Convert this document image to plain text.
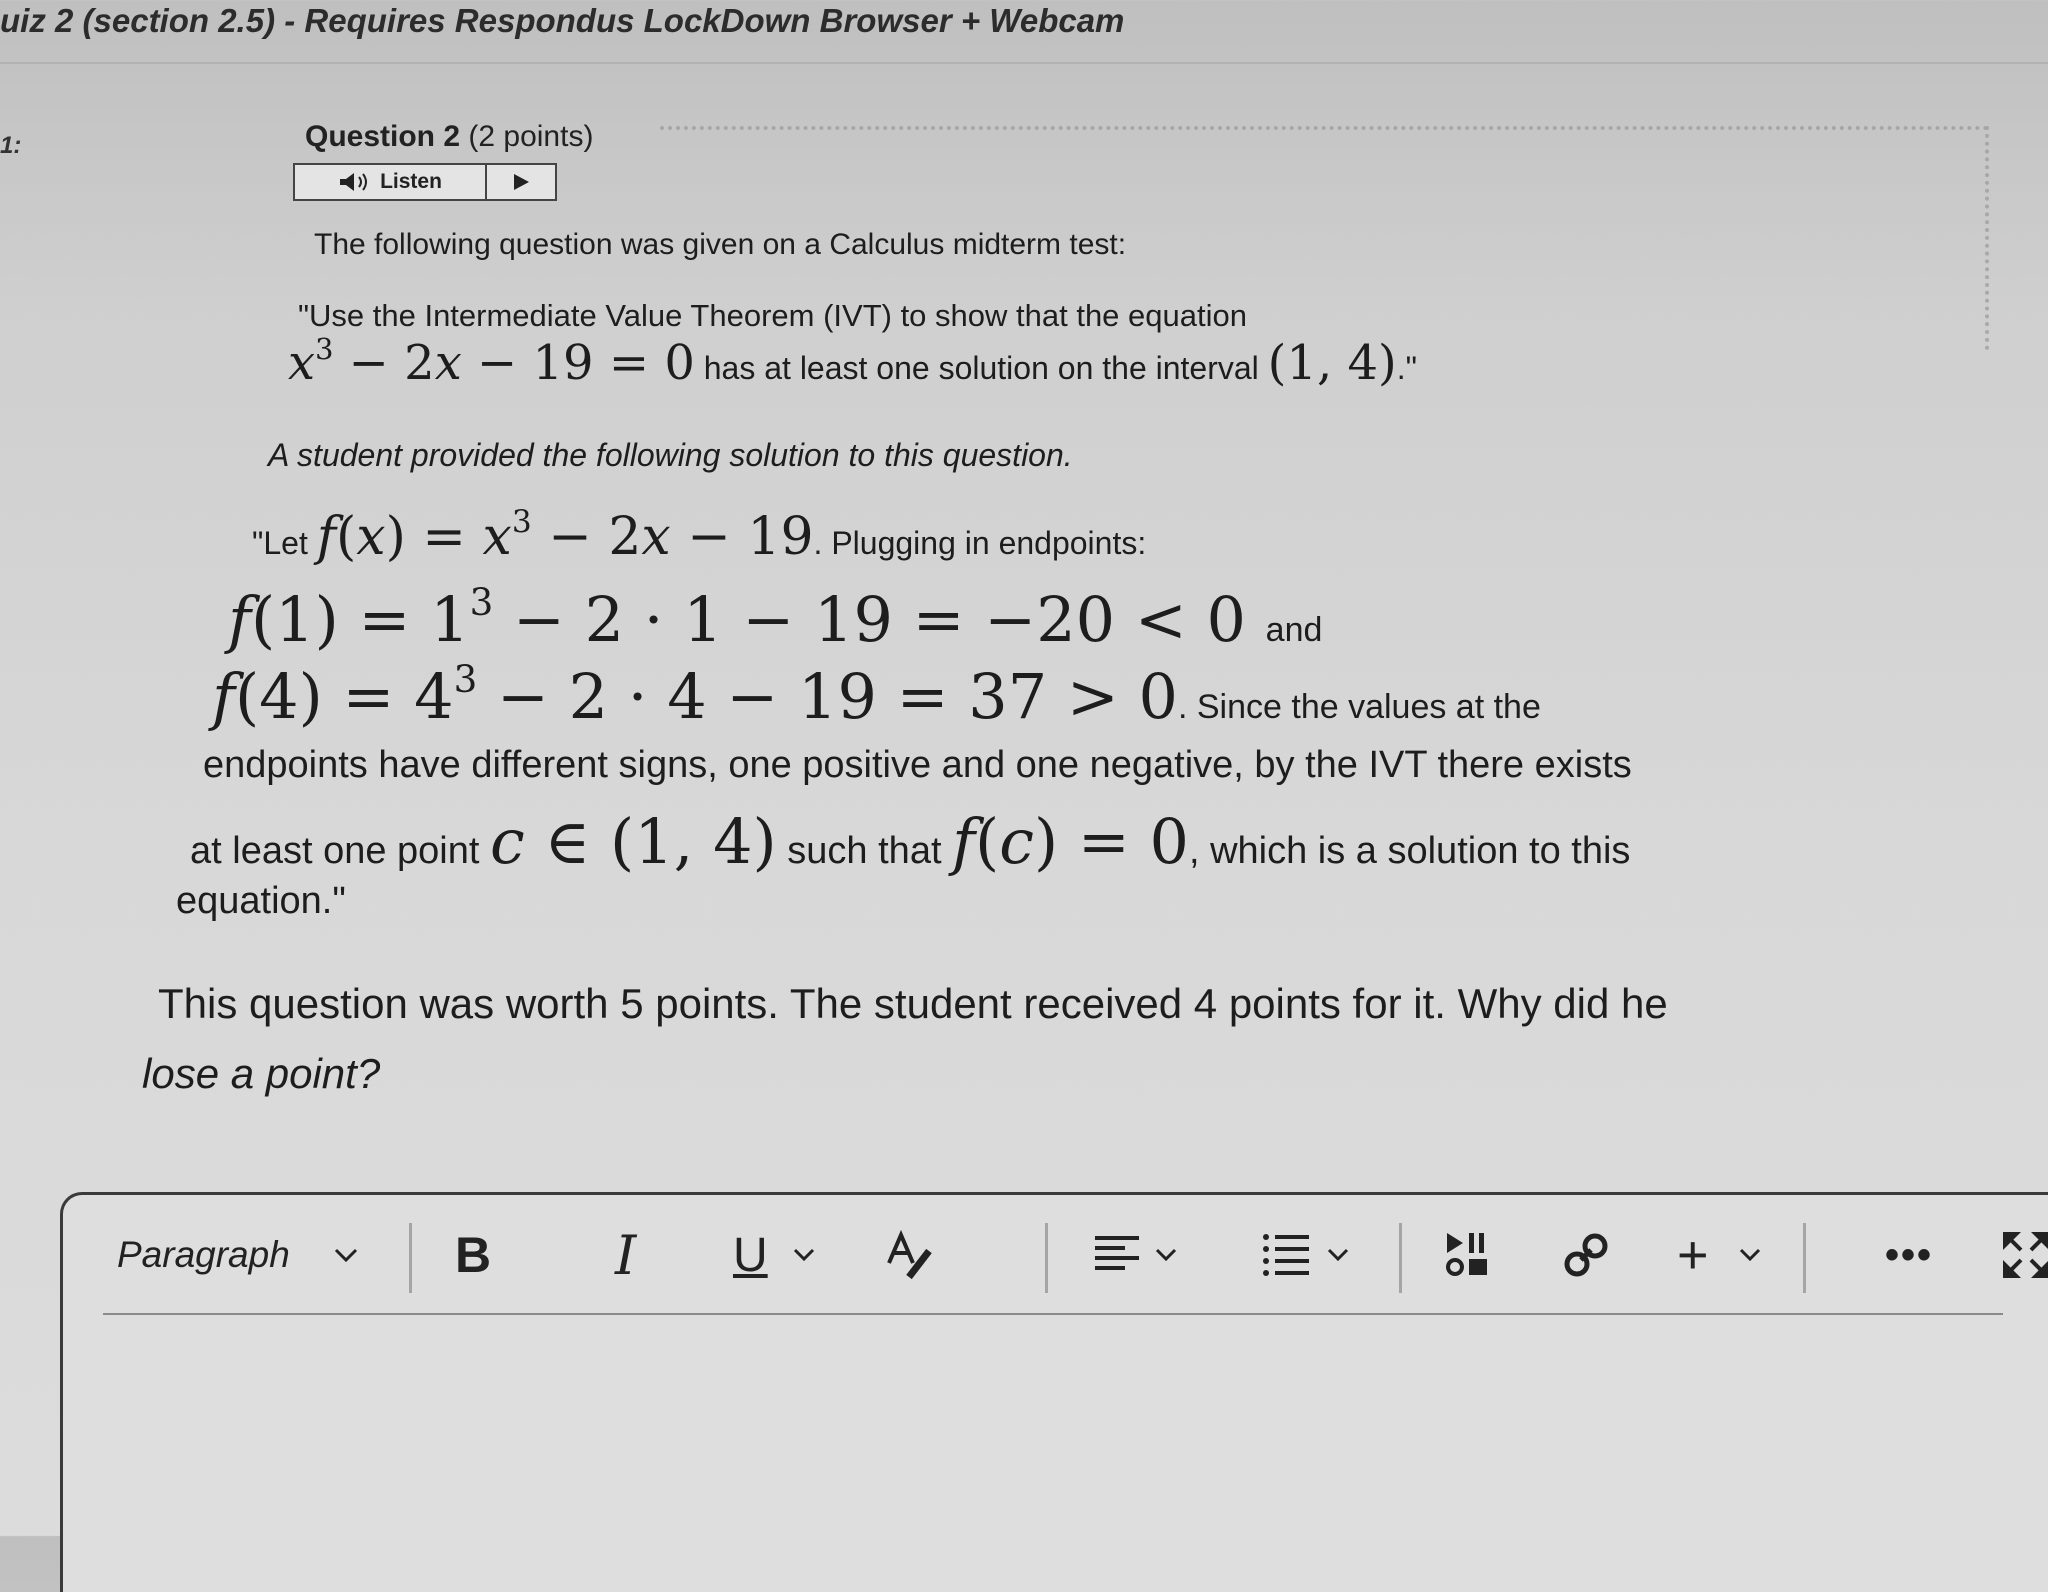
uiz 2 (section 2.5) - Requires Respondus LockDown Browser + Webcam
1:	Question 2 (2 points)
Listen
The following question was given on a Calculus midterm test:
"Use the Intermediate Value Theorem (IVT) to show that the equation
$x^3 - 2x - 19 = 0$ has at least one solution on the interval (1, 4)."
A student provided the following solution to this question.
"Let $f(x) = x^3 - 2x - 19$. Plugging in endpoints:
$f(1) = 1^3 - 2 \cdot 1 - 19 = -20 < 0$ and
$f(4) = 4^3 - 2 \cdot 4 - 19 = 37 > 0$. Since the values at the
endpoints have different signs, one positive and one negative, by the IVT there exists
at least one point c ∈ (1, 4) such that f(c) = 0, which is a solution to this
equation."
This question was worth 5 points. The student received 4 points for it. Why did he
lose a point?
Paragraph	B I U	+	•••
